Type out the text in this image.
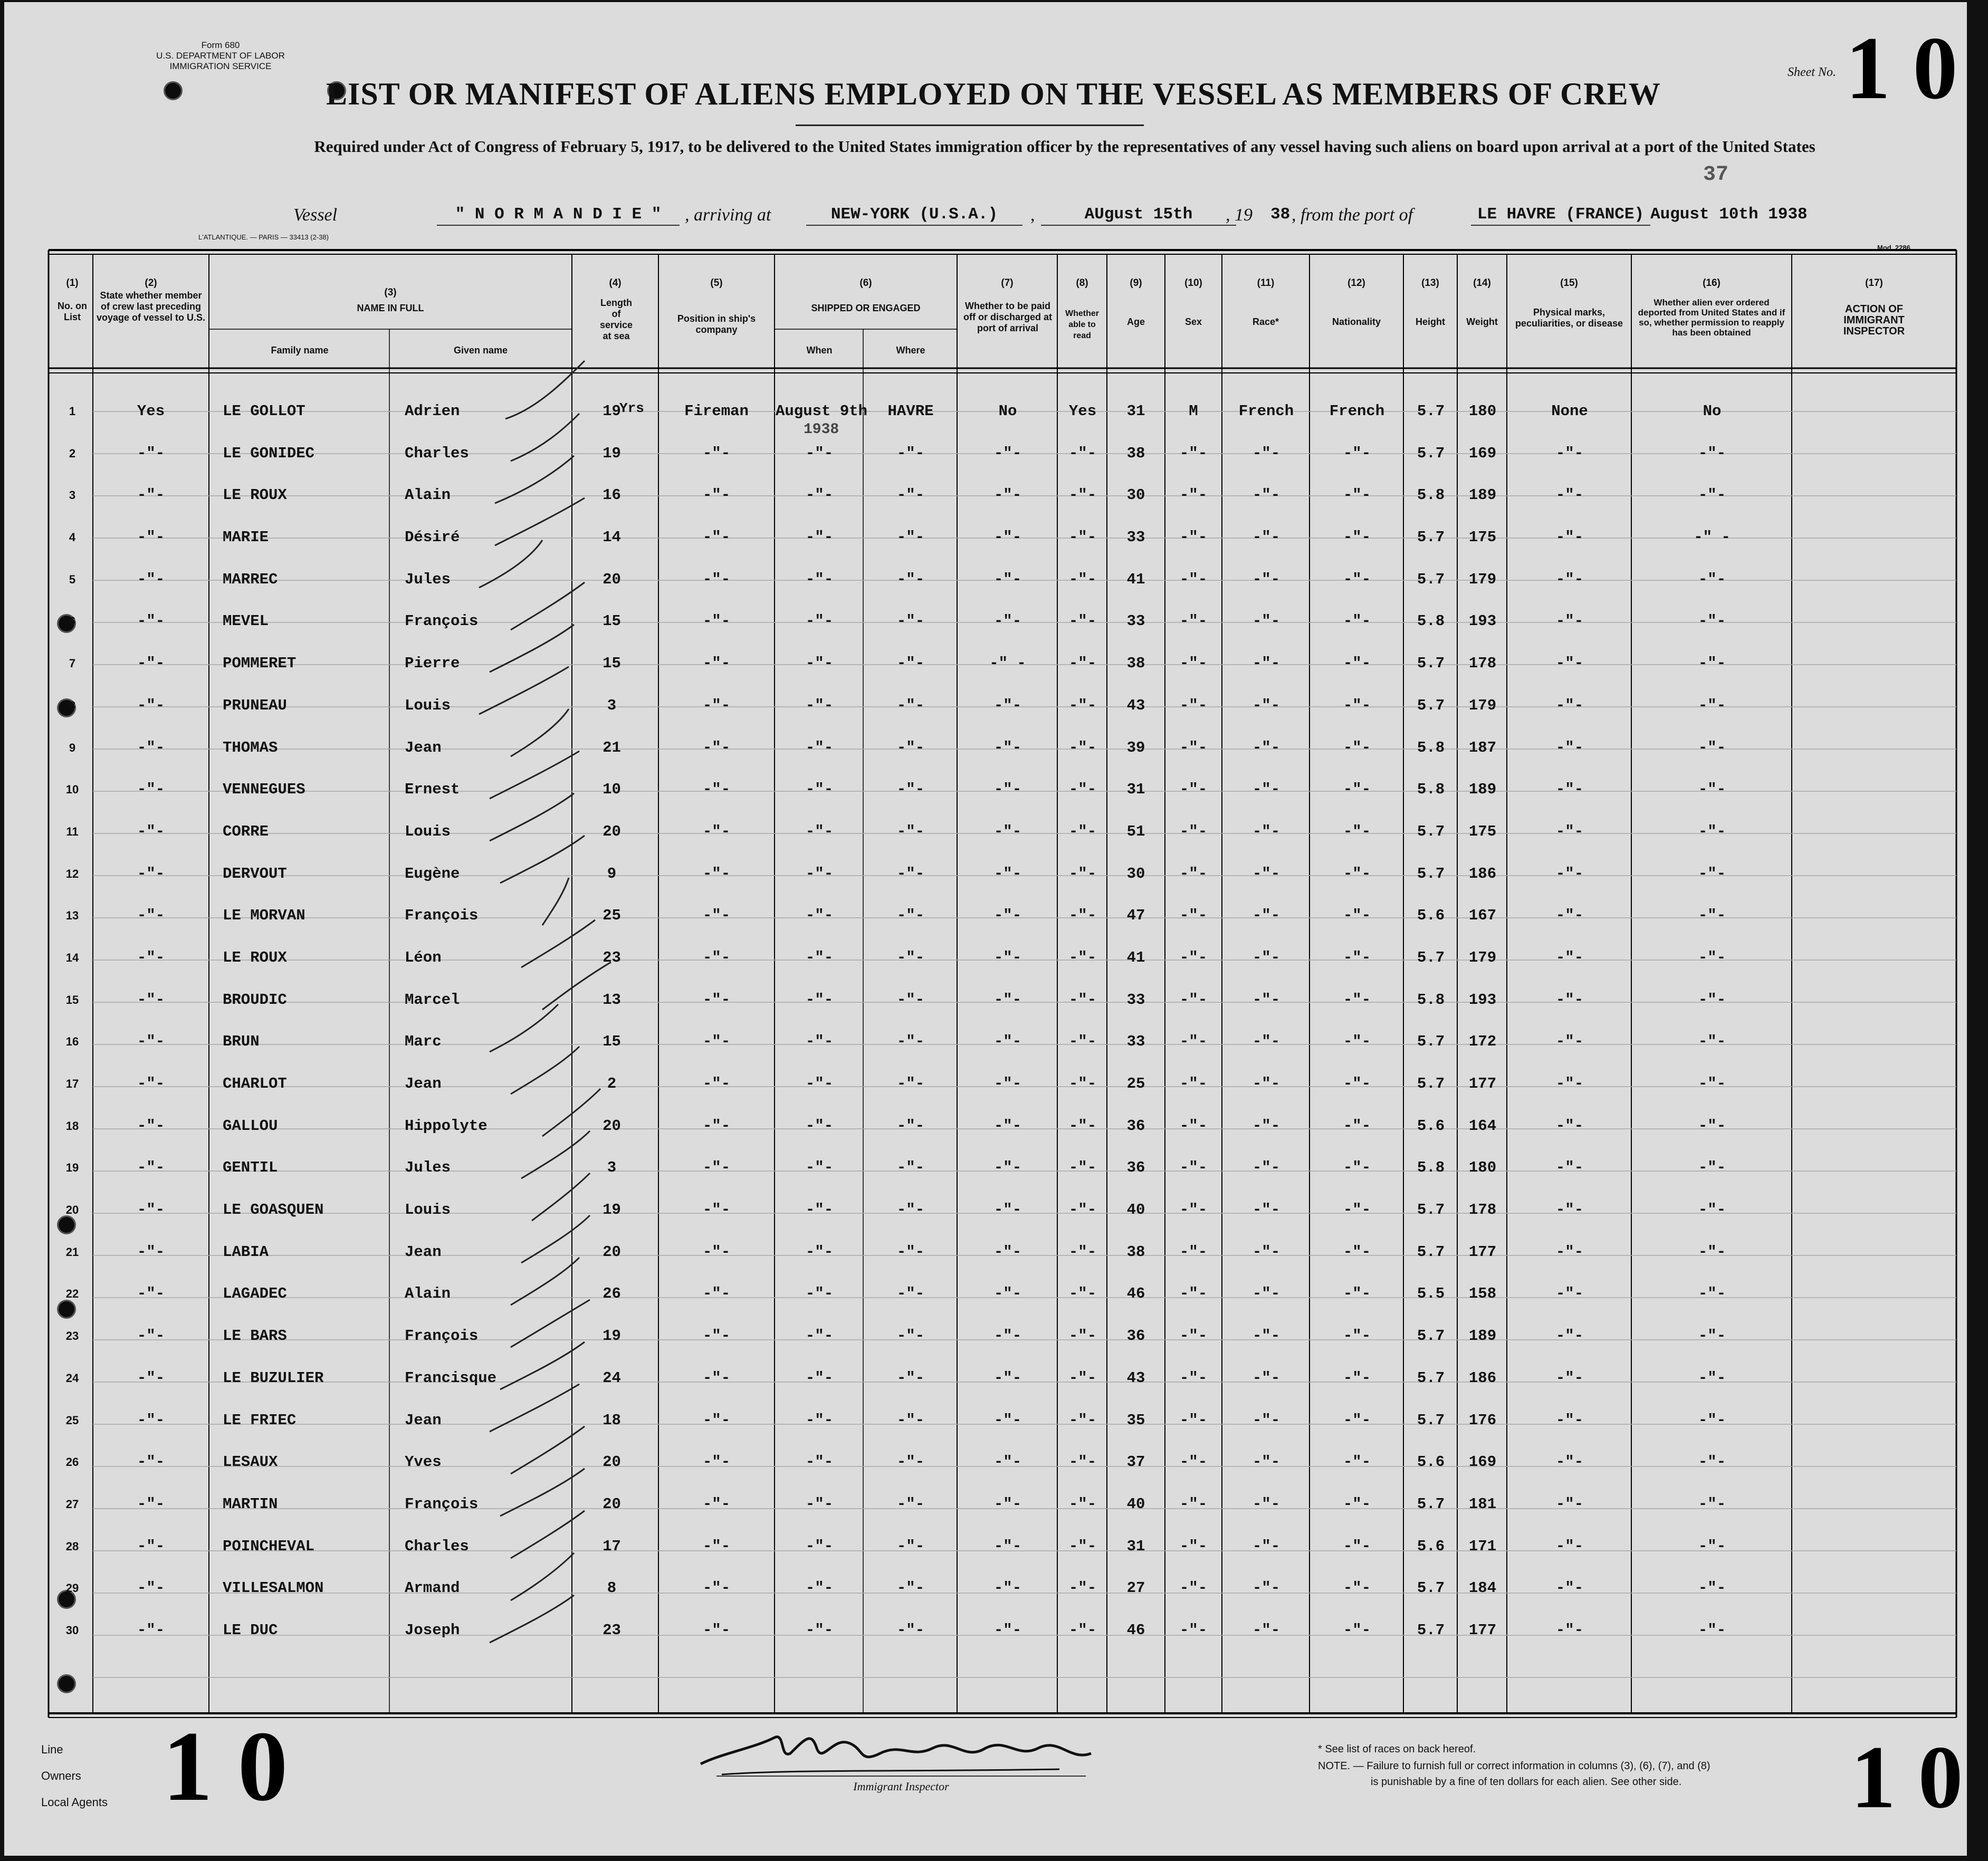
Form 680
U.S. DEPARTMENT OF LABOR
IMMIGRATION SERVICE
LIST OR MANIFEST OF ALIENS EMPLOYED ON THE VESSEL AS MEMBERS OF CREW
Required under Act of Congress of February 5, 1917, to be delivered to the United States immigration officer by the representatives of any vessel having such aliens on board upon arrival at a port of the United States
Sheet No. 1 0
37
Vessel	" N O R M A N D I E "	, arriving at	NEW-YORK (U.S.A.)	,	AUgust 15th	, 19 38 , from the port of	LE HAVRE (FRANCE) August 10th 1938
L'ATLANTIQUE. — PARIS — 33413 (2-38)
Mod. 2286
(1)
No. on List
(2)
State whether member of crew last preceding voyage of vessel to U.S.
(3)
NAME IN FULL
Family name	Given name
(4)
Length of service at sea
(5)
Position in ship's company
(6)
SHIPPED OR ENGAGED
When	Where
(7)
Whether to be paid off or discharged at port of arrival
(8)
Whether able to read
(9)
Age
(10)
Sex
(11)
Race*
(12)
Nationality
(13)
Height
(14)
Weight
(15)
Physical marks, peculiarities, or disease
(16)
Whether alien ever ordered deported from United States and if so, whether permission to reapply has been obtained
(17)
ACTION OF IMMIGRANT INSPECTOR
Yrs
1938
1	Yes	LE GOLLOT	Adrien	19	Fireman	August 9th	HAVRE	No	Yes	31	M	French	French	5.7	180	None	No
2	-"-	LE GONIDEC	Charles	19	-"-	-"-	-"-	-"-	-"-	38	-"-	-"-	-"-	5.7	169	-"-	-"-
3	-"-	LE ROUX	Alain	16	-"-	-"-	-"-	-"-	-"-	30	-"-	-"-	-"-	5.8	189	-"-	-"-
4	-"-	MARIE	Désiré	14	-"-	-"-	-"-	-"-	-"-	33	-"-	-"-	-"-	5.7	175	-"-	-" -
5	-"-	MARREC	Jules	20	-"-	-"-	-"-	-"-	-"-	41	-"-	-"-	-"-	5.7	179	-"-	-"-
6	-"-	MEVEL	François	15	-"-	-"-	-"-	-"-	-"-	33	-"-	-"-	-"-	5.8	193	-"-	-"-
7	-"-	POMMERET	Pierre	15	-"-	-"-	-"-	-" -	-"-	38	-"-	-"-	-"-	5.7	178	-"-	-"-
8	-"-	PRUNEAU	Louis	3	-"-	-"-	-"-	-"-	-"-	43	-"-	-"-	-"-	5.7	179	-"-	-"-
9	-"-	THOMAS	Jean	21	-"-	-"-	-"-	-"-	-"-	39	-"-	-"-	-"-	5.8	187	-"-	-"-
10	-"-	VENNEGUES	Ernest	10	-"-	-"-	-"-	-"-	-"-	31	-"-	-"-	-"-	5.8	189	-"-	-"-
11	-"-	CORRE	Louis	20	-"-	-"-	-"-	-"-	-"-	51	-"-	-"-	-"-	5.7	175	-"-	-"-
12	-"-	DERVOUT	Eugène	9	-"-	-"-	-"-	-"-	-"-	30	-"-	-"-	-"-	5.7	186	-"-	-"-
13	-"-	LE MORVAN	François	25	-"-	-"-	-"-	-"-	-"-	47	-"-	-"-	-"-	5.6	167	-"-	-"-
14	-"-	LE ROUX	Léon	23	-"-	-"-	-"-	-"-	-"-	41	-"-	-"-	-"-	5.7	179	-"-	-"-
15	-"-	BROUDIC	Marcel	13	-"-	-"-	-"-	-"-	-"-	33	-"-	-"-	-"-	5.8	193	-"-	-"-
16	-"-	BRUN	Marc	15	-"-	-"-	-"-	-"-	-"-	33	-"-	-"-	-"-	5.7	172	-"-	-"-
17	-"-	CHARLOT	Jean	2	-"-	-"-	-"-	-"-	-"-	25	-"-	-"-	-"-	5.7	177	-"-	-"-
18	-"-	GALLOU	Hippolyte	20	-"-	-"-	-"-	-"-	-"-	36	-"-	-"-	-"-	5.6	164	-"-	-"-
19	-"-	GENTIL	Jules	3	-"-	-"-	-"-	-"-	-"-	36	-"-	-"-	-"-	5.8	180	-"-	-"-
20	-"-	LE GOASQUEN	Louis	19	-"-	-"-	-"-	-"-	-"-	40	-"-	-"-	-"-	5.7	178	-"-	-"-
21	-"-	LABIA	Jean	20	-"-	-"-	-"-	-"-	-"-	38	-"-	-"-	-"-	5.7	177	-"-	-"-
22	-"-	LAGADEC	Alain	26	-"-	-"-	-"-	-"-	-"-	46	-"-	-"-	-"-	5.5	158	-"-	-"-
23	-"-	LE BARS	François	19	-"-	-"-	-"-	-"-	-"-	36	-"-	-"-	-"-	5.7	189	-"-	-"-
24	-"-	LE BUZULIER	Francisque	24	-"-	-"-	-"-	-"-	-"-	43	-"-	-"-	-"-	5.7	186	-"-	-"-
25	-"-	LE FRIEC	Jean	18	-"-	-"-	-"-	-"-	-"-	35	-"-	-"-	-"-	5.7	176	-"-	-"-
26	-"-	LESAUX	Yves	20	-"-	-"-	-"-	-"-	-"-	37	-"-	-"-	-"-	5.6	169	-"-	-"-
27	-"-	MARTIN	François	20	-"-	-"-	-"-	-"-	-"-	40	-"-	-"-	-"-	5.7	181	-"-	-"-
28	-"-	POINCHEVAL	Charles	17	-"-	-"-	-"-	-"-	-"-	31	-"-	-"-	-"-	5.6	171	-"-	-"-
29	-"-	VILLESALMON	Armand	8	-"-	-"-	-"-	-"-	-"-	27	-"-	-"-	-"-	5.7	184	-"-	-"-
30	-"-	LE DUC	Joseph	23	-"-	-"-	-"-	-"-	-"-	46	-"-	-"-	-"-	5.7	177	-"-	-"-
Line
Owners
Local Agents 1 0	1 0
Immigrant Inspector
* See list of races on back hereof.
NOTE. — Failure to furnish full or correct information in columns (3), (6), (7), and (8)
is punishable by a fine of ten dollars for each alien. See other side.
